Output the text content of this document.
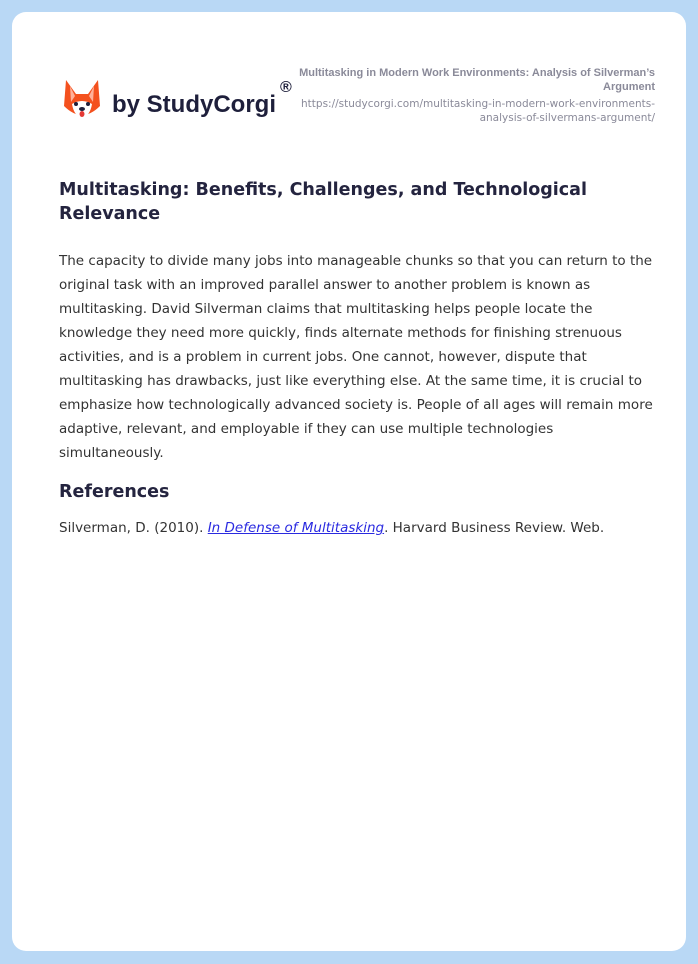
by StudyCorgi®
Multitasking in Modern Work Environments: Analysis of Silverman’s Argument
https://studycorgi.com/multitasking-in-modern-work-environments-analysis-of-silvermans-argument/
Multitasking: Benefits, Challenges, and Technological Relevance

The capacity to divide many jobs into manageable chunks so that you can return to the original task with an improved parallel answer to another problem is known as multitasking. David Silverman claims that multitasking helps people locate the knowledge they need more quickly, finds alternate methods for finishing strenuous activities, and is a problem in current jobs. One cannot, however, dispute that multitasking has drawbacks, just like everything else. At the same time, it is crucial to emphasize how technologically advanced society is. People of all ages will remain more adaptive, relevant, and employable if they can use multiple technologies simultaneously.

References
Silverman, D. (2010). In Defense of Multitasking. Harvard Business Review. Web.
